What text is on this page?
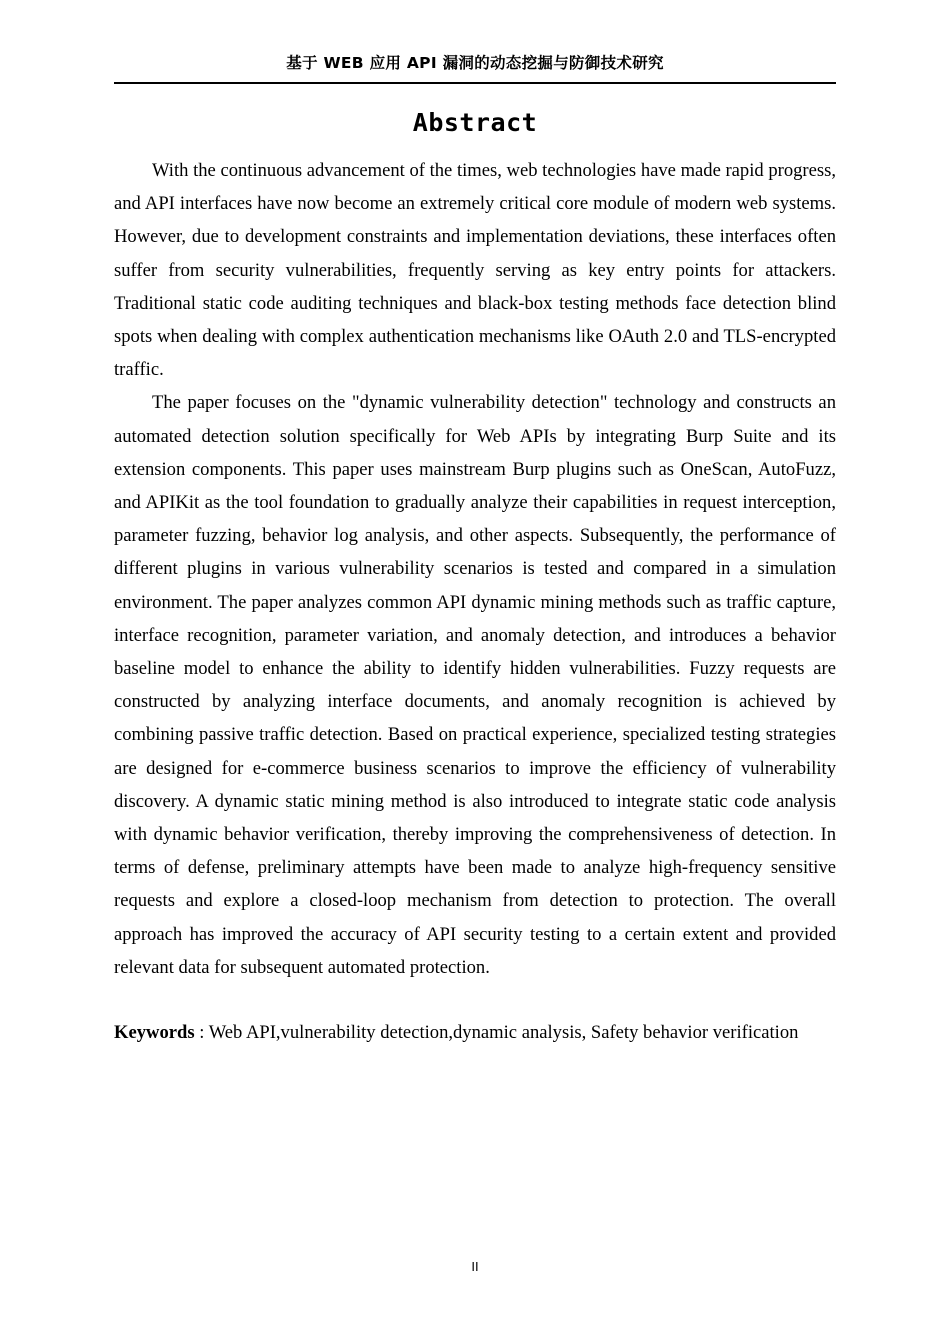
基于 WEB 应用 API 漏洞的动态挖掘与防御技术研究
Abstract

With the continuous advancement of the times, web technologies have made rapid progress, and API interfaces have now become an extremely critical core module of modern web systems. However, due to development constraints and implementation deviations, these interfaces often suffer from security vulnerabilities, frequently serving as key entry points for attackers. Traditional static code auditing techniques and black-box testing methods face detection blind spots when dealing with complex authentication mechanisms like OAuth 2.0 and TLS-encrypted traffic.

The paper focuses on the "dynamic vulnerability detection" technology and constructs an automated detection solution specifically for Web APIs by integrating Burp Suite and its extension components. This paper uses mainstream Burp plugins such as OneScan, AutoFuzz, and APIKit as the tool foundation to gradually analyze their capabilities in request interception, parameter fuzzing, behavior log analysis, and other aspects. Subsequently, the performance of different plugins in various vulnerability scenarios is tested and compared in a simulation environment. The paper analyzes common API dynamic mining methods such as traffic capture, interface recognition, parameter variation, and anomaly detection, and introduces a behavior baseline model to enhance the ability to identify hidden vulnerabilities. Fuzzy requests are constructed by analyzing interface documents, and anomaly recognition is achieved by combining passive traffic detection. Based on practical experience, specialized testing strategies are designed for e-commerce business scenarios to improve the efficiency of vulnerability discovery. A dynamic static mining method is also introduced to integrate static code analysis with dynamic behavior verification, thereby improving the comprehensiveness of detection. In terms of defense, preliminary attempts have been made to analyze high-frequency sensitive requests and explore a closed-loop mechanism from detection to protection. The overall approach has improved the accuracy of API security testing to a certain extent and provided relevant data for subsequent automated protection.

Keywords : Web API,vulnerability detection,dynamic analysis, Safety behavior verification

II
